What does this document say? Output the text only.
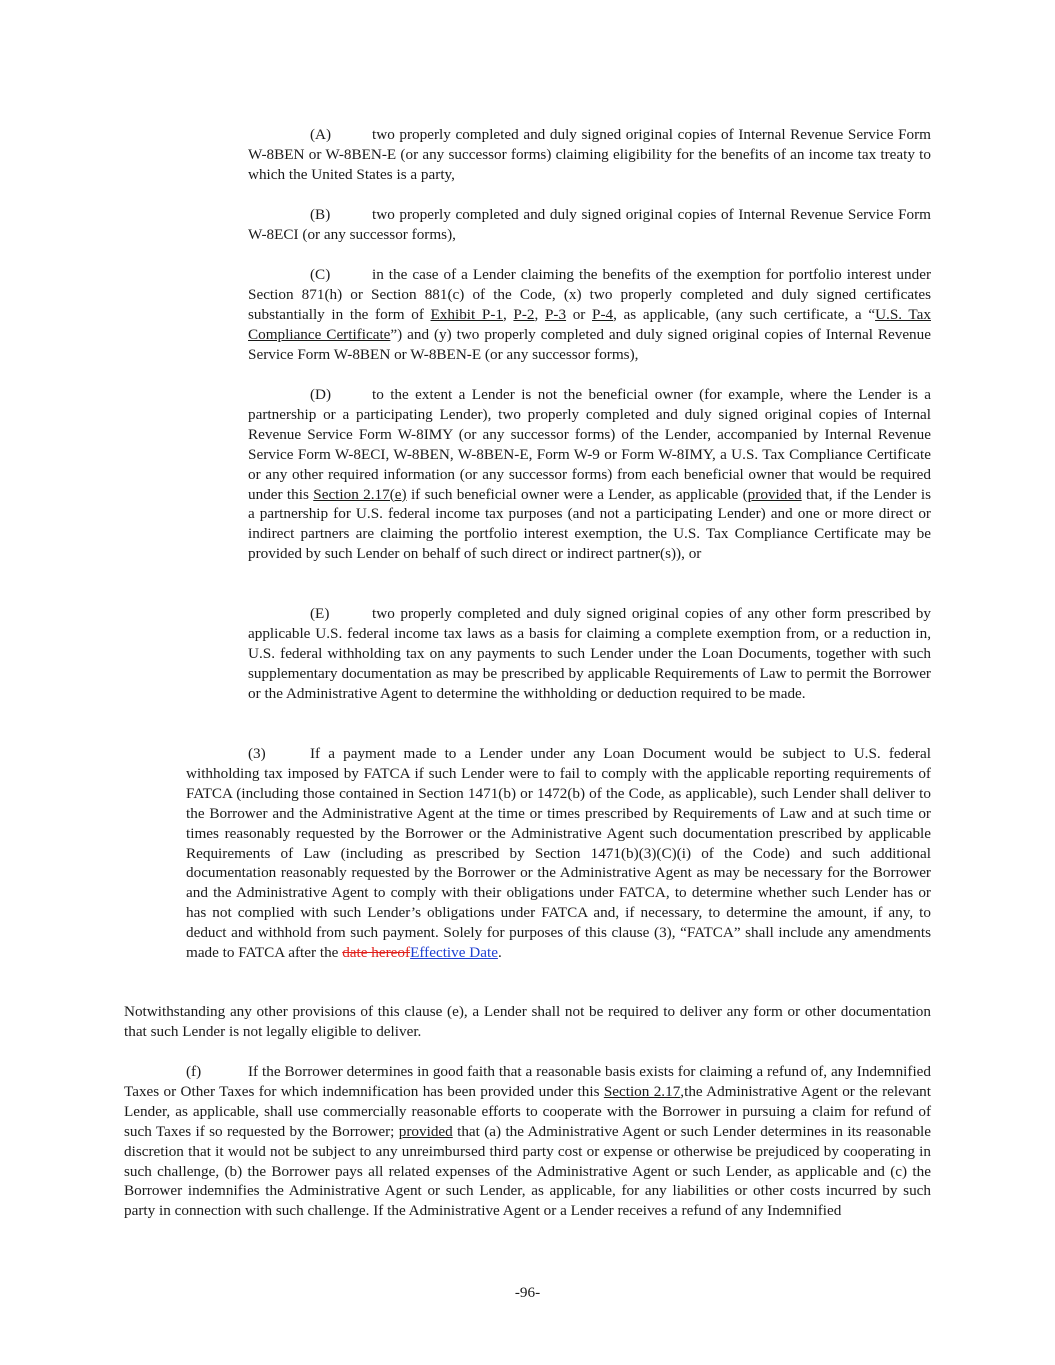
(A)	two properly completed and duly signed original copies of Internal Revenue Service Form W-8BEN or W-8BEN-E (or any successor forms) claiming eligibility for the benefits of an income tax treaty to which the United States is a party,

(B)	two properly completed and duly signed original copies of Internal Revenue Service Form W-8ECI (or any successor forms),

(C)	in the case of a Lender claiming the benefits of the exemption for portfolio interest under Section 871(h) or Section 881(c) of the Code, (x) two properly completed and duly signed certificates substantially in the form of Exhibit P-1, P-2, P-3 or P-4, as applicable, (any such certificate, a “U.S. Tax Compliance Certificate”) and (y) two properly completed and duly signed original copies of Internal Revenue Service Form W-8BEN or W-8BEN-E (or any successor forms),

(D)	to the extent a Lender is not the beneficial owner (for example, where the Lender is a partnership or a participating Lender), two properly completed and duly signed original copies of Internal Revenue Service Form W-8IMY (or any successor forms) of the Lender, accompanied by Internal Revenue Service Form W-8ECI, W-8BEN, W-8BEN-E, Form W-9 or Form W-8IMY, a U.S. Tax Compliance Certificate or any other required information (or any successor forms) from each beneficial owner that would be required under this Section 2.17(e) if such beneficial owner were a Lender, as applicable (provided that, if the Lender is a partnership for U.S. federal income tax purposes (and not a participating Lender) and one or more direct or indirect partners are claiming the portfolio interest exemption, the U.S. Tax Compliance Certificate may be provided by such Lender on behalf of such direct or indirect partner(s)), or

(E)	two properly completed and duly signed original copies of any other form prescribed by applicable U.S. federal income tax laws as a basis for claiming a complete exemption from, or a reduction in, U.S. federal withholding tax on any payments to such Lender under the Loan Documents, together with such supplementary documentation as may be prescribed by applicable Requirements of Law to permit the Borrower or the Administrative Agent to determine the withholding or deduction required to be made.

(3)	If a payment made to a Lender under any Loan Document would be subject to U.S. federal withholding tax imposed by FATCA if such Lender were to fail to comply with the applicable reporting requirements of FATCA (including those contained in Section 1471(b) or 1472(b) of the Code, as applicable), such Lender shall deliver to the Borrower and the Administrative Agent at the time or times prescribed by Requirements of Law and at such time or times reasonably requested by the Borrower or the Administrative Agent such documentation prescribed by applicable Requirements of Law (including as prescribed by Section 1471(b)(3)(C)(i) of the Code) and such additional documentation reasonably requested by the Borrower or the Administrative Agent as may be necessary for the Borrower and the Administrative Agent to comply with their obligations under FATCA, to determine whether such Lender has or has not complied with such Lender’s obligations under FATCA and, if necessary, to determine the amount, if any, to deduct and withhold from such payment. Solely for purposes of this clause (3), “FATCA” shall include any amendments made to FATCA after the date hereofEffective Date.

Notwithstanding any other provisions of this clause (e), a Lender shall not be required to deliver any form or other documentation that such Lender is not legally eligible to deliver.

(f)	If the Borrower determines in good faith that a reasonable basis exists for claiming a refund of, any Indemnified Taxes or Other Taxes for which indemnification has been provided under this Section 2.17,the Administrative Agent or the relevant Lender, as applicable, shall use commercially reasonable efforts to cooperate with the Borrower in pursuing a claim for refund of such Taxes if so requested by the Borrower; provided that (a) the Administrative Agent or such Lender determines in its reasonable discretion that it would not be subject to any unreimbursed third party cost or expense or otherwise be prejudiced by cooperating in such challenge, (b) the Borrower pays all related expenses of the Administrative Agent or such Lender, as applicable and (c) the Borrower indemnifies the Administrative Agent or such Lender, as applicable, for any liabilities or other costs incurred by such party in connection with such challenge. If the Administrative Agent or a Lender receives a refund of any Indemnified

-96-
